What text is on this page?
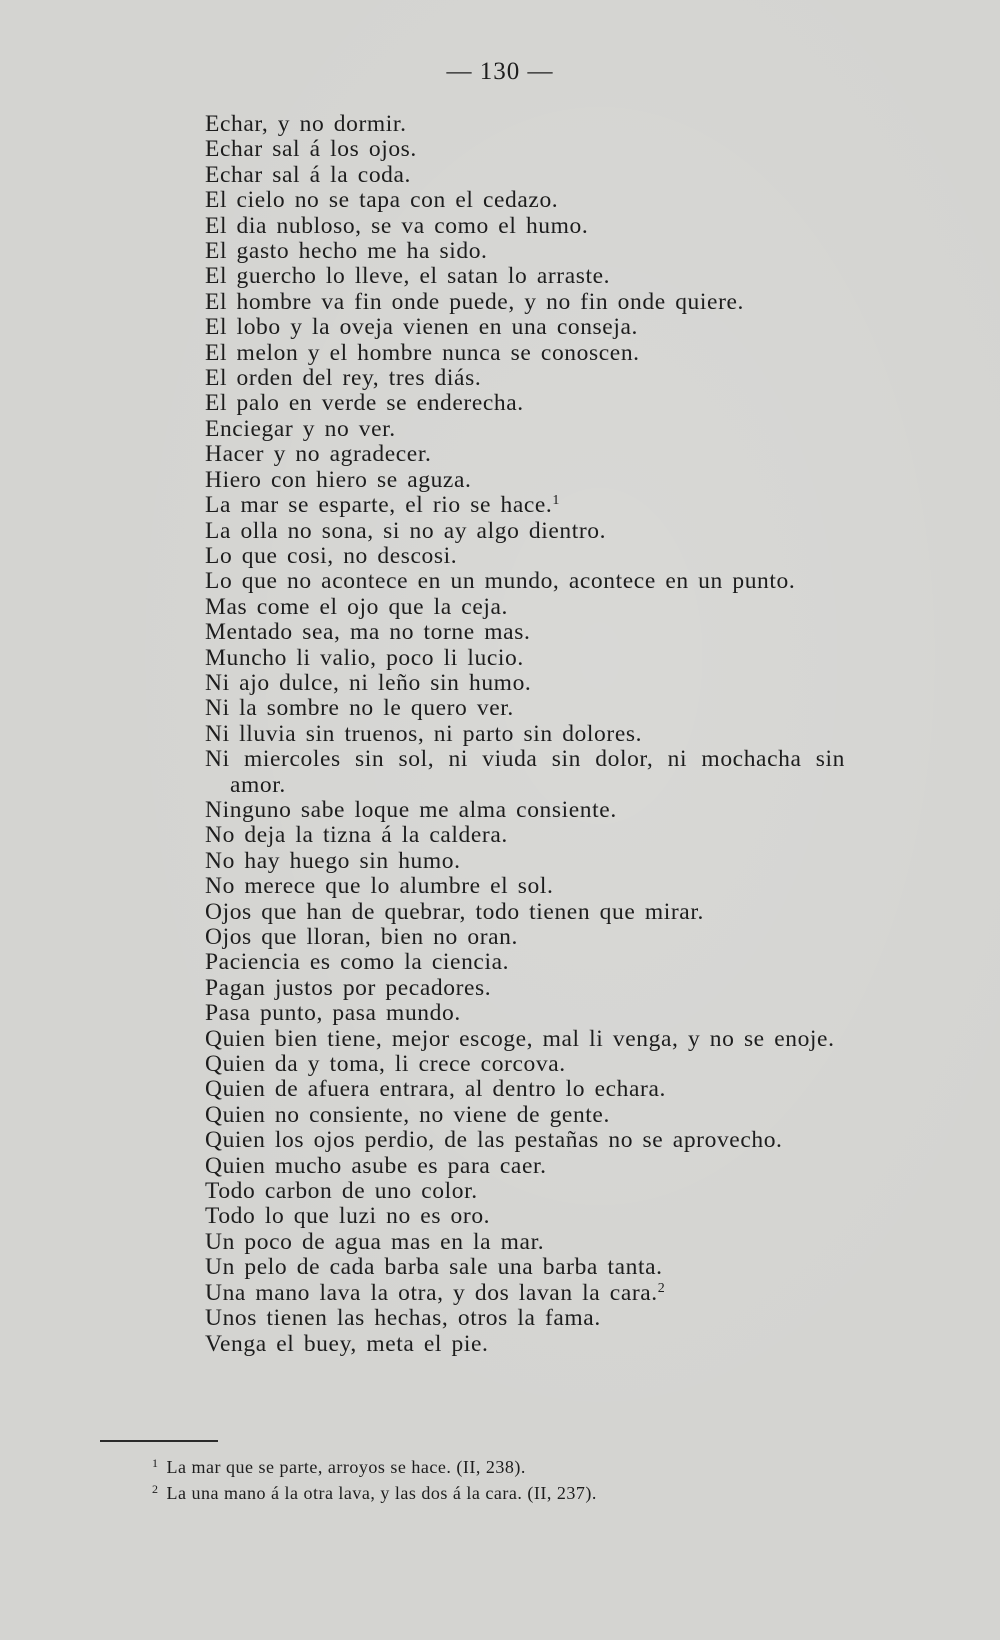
— 130 —
Echar, y no dormir.
Echar sal á los ojos.
Echar sal á la coda.
El cielo no se tapa con el cedazo.
El dia nubloso, se va como el humo.
El gasto hecho me ha sido.
El guercho lo lleve, el satan lo arraste.
El hombre va fin onde puede, y no fin onde quiere.
El lobo y la oveja vienen en una conseja.
El melon y el hombre nunca se conoscen.
El orden del rey, tres diás.
El palo en verde se enderecha.
Enciegar y no ver.
Hacer y no agradecer.
Hiero con hiero se aguza.
La mar se esparte, el rio se hace.$^1$
La olla no sona, si no ay algo dientro.
Lo que cosi, no descosi.
Lo que no acontece en un mundo, acontece en un punto.
Mas come el ojo que la ceja.
Mentado sea, ma no torne mas.
Muncho li valio, poco li lucio.
Ni ajo dulce, ni leño sin humo.
Ni la sombre no le quero ver.
Ni lluvia sin truenos, ni parto sin dolores.
Ni miercoles sin sol, ni viuda sin dolor, ni mochacha sin amor.
Ninguno sabe loque me alma consiente.
No deja la tizna á la caldera.
No hay huego sin humo.
No merece que lo alumbre el sol.
Ojos que han de quebrar, todo tienen que mirar.
Ojos que lloran, bien no oran.
Paciencia es como la ciencia.
Pagan justos por pecadores.
Pasa punto, pasa mundo.
Quien bien tiene, mejor escoge, mal li venga, y no se enoje.
Quien da y toma, li crece corcova.
Quien de afuera entrara, al dentro lo echara.
Quien no consiente, no viene de gente.
Quien los ojos perdio, de las pestañas no se aprovecho.
Quien mucho asube es para caer.
Todo carbon de uno color.
Todo lo que luzi no es oro.
Un poco de agua mas en la mar.
Un pelo de cada barba sale una barba tanta.
Una mano lava la otra, y dos lavan la cara.$^2$
Unos tienen las hechas, otros la fama.
Venga el buey, meta el pie.
$^1$ La mar que se parte, arroyos se hace. (II, 238).
$^2$ La una mano á la otra lava, y las dos á la cara. (II, 237).
